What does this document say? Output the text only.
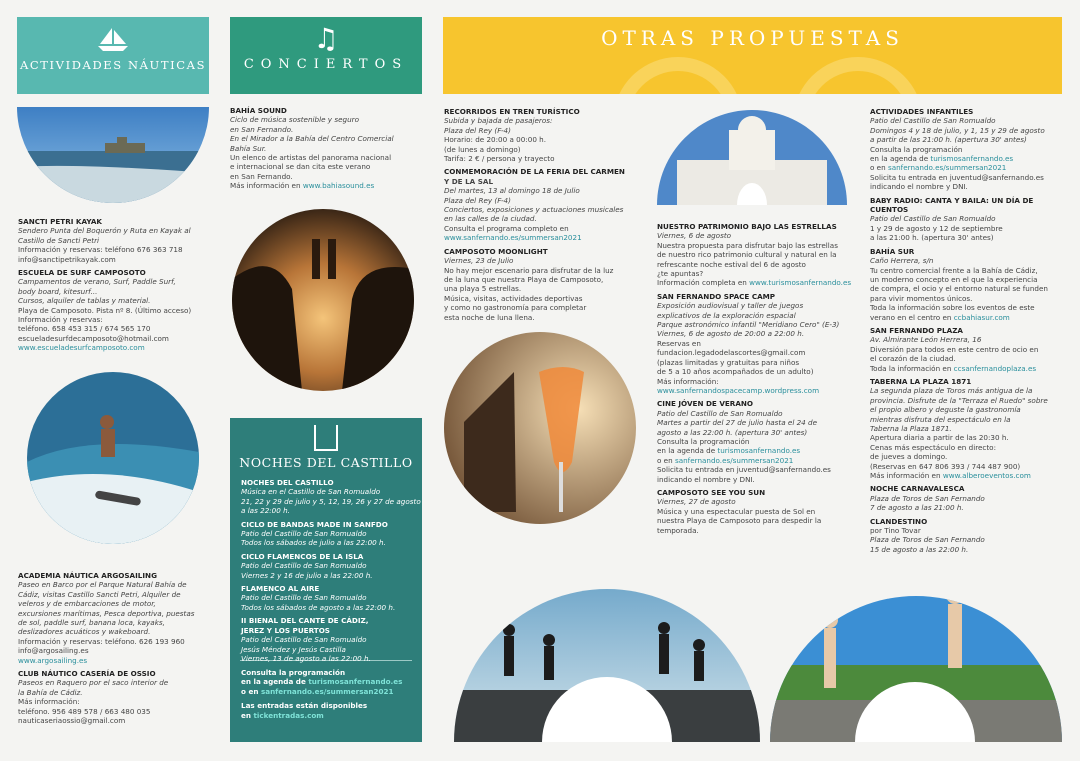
ACTIVIDADES NÁUTICAS
♫
CONCIERTOS
OTRAS PROPUESTAS
NOCHES DEL CASTILLO
SANCTI PETRI KAYAK
Sendero Punta del Boquerón y Ruta en Kayak al
Castillo de Sancti Petri
Información y reservas: teléfono 676 363 718
info@sanctipetrikayak.com
ESCUELA DE SURF CAMPOSOTO
Campamentos de verano, Surf, Paddle Surf,
body board, kitesurf...
Cursos, alquiler de tablas y material.
Playa de Camposoto. Pista nº 8. (Último acceso)
Información y reservas:
teléfono. 658 453 315 / 674 565 170
escueladesurfdecamposoto@hotmail.com
www.escueladesurfcamposoto.com
ACADEMIA NÁUTICA ARGOSAILING
Paseo en Barco por el Parque Natural Bahía de
Cádiz, visitas Castillo Sancti Petri, Alquiler de
veleros y de embarcaciones de motor,
excursiones marítimas, Pesca deportiva, puestas
de sol, paddle surf, banana loca, kayaks,
deslizadores acuáticos y wakeboard.
Información y reservas: teléfono. 626 193 960
info@argosailing.es
www.argosailing.es
CLUB NÁUTICO CASERÍA DE OSSIO
Paseos en Raquero por el saco interior de
la Bahía de Cádiz.
Más información:
teléfono. 956 489 578 / 663 480 035
nauticaseriaossio@gmail.com
BAHÍA SOUND
Ciclo de música sostenible y seguro
en San Fernando.
En el Mirador a la Bahía del Centro Comercial
Bahía Sur.
Un elenco de artistas del panorama nacional
e internacional se dan cita este verano
en San Fernando.
Más información en www.bahiasound.es
NOCHES DEL CASTILLO
Música en el Castillo de San Romualdo
21, 22 y 29 de julio y 5, 12, 19, 26 y 27 de agosto
a las 22:00 h.
CICLO DE BANDAS MADE IN SANFDO
Patio del Castillo de San Romualdo
Todos los sábados de julio a las 22:00 h.
CICLO FLAMENCOS DE LA ISLA
Patio del Castillo de San Romualdo
Viernes 2 y 16 de julio a las 22:00 h.
FLAMENCO AL AIRE
Patio del Castillo de San Romualdo
Todos los sábados de agosto a las 22:00 h.
II BIENAL DEL CANTE DE CÁDIZ,
JEREZ Y LOS PUERTOS
Patio del Castillo de San Romualdo
Jesús Méndez y Jesús Castilla
Viernes, 13 de agosto a las 22:00 h.
Consulta la programación
en la agenda de turismosanfernando.es
o en sanfernando.es/summersan2021
Las entradas están disponibles
en tickentradas.com
RECORRIDOS EN TREN TURÍSTICO
Subida y bajada de pasajeros:
Plaza del Rey (F-4)
Horario: de 20:00 a 00:00 h.
(de lunes a domingo)
Tarifa: 2 € / persona y trayecto
CONMEMORACIÓN DE LA FERIA DEL CARMEN
Y DE LA SAL
Del martes, 13 al domingo 18 de Julio
Plaza del Rey (F-4)
Conciertos, exposiciones y actuaciones musicales
en las calles de la ciudad.
Consulta el programa completo en
www.sanfernando.es/summersan2021
CAMPOSOTO MOONLIGHT
Viernes, 23 de Julio
No hay mejor escenario para disfrutar de la luz
de la luna que nuestra Playa de Camposoto,
una playa 5 estrellas.
Música, visitas, actividades deportivas
y como no gastronomía para completar
esta noche de luna llena.
NUESTRO PATRIMONIO BAJO LAS ESTRELLAS
Viernes, 6 de agosto
Nuestra propuesta para disfrutar bajo las estrellas
de nuestro rico patrimonio cultural y natural en la
refrescante noche estival del 6 de agosto
¿te apuntas?
Información completa en www.turismosanfernando.es
SAN FERNANDO SPACE CAMP
Exposición audiovisual y taller de juegos
explicativos de la exploración espacial
Parque astronómico infantil "Meridiano Cero" (E-3)
Viernes, 6 de agosto de 20:00 a 22:00 h.
Reservas en
fundacion.legadodelascortes@gmail.com
(plazas limitadas y gratuitas para niños
de 5 a 10 años acompañados de un adulto)
Más información:
www.sanfernandospacecamp.wordpress.com
CINE JÓVEN DE VERANO
Patio del Castillo de San Romualdo
Martes a partir del 27 de julio hasta el 24 de
agosto a las 22:00 h. (apertura 30' antes)
Consulta la programación
en la agenda de turismosanfernando.es
o en sanfernando.es/summersan2021
Solicita tu entrada en juventud@sanfernando.es
indicando el nombre y DNI.
CAMPOSOTO SEE YOU SUN
Viernes, 27 de agosto
Música y una espectacular puesta de Sol en
nuestra Playa de Camposoto para despedir la
temporada.
ACTIVIDADES INFANTILES
Patio del Castillo de San Romualdo
Domingos 4 y 18 de julio, y 1, 15 y 29 de agosto
a partir de las 21:00 h. (apertura 30' antes)
Consulta la programación
en la agenda de turismosanfernando.es
o en sanfernando.es/summersan2021
Solicita tu entrada en juventud@sanfernando.es
indicando el nombre y DNI.
BABY RADIO: CANTA Y BAILA: UN DÍA DE CUENTOS
Patio del Castillo de San Romualdo
1 y 29 de agosto y 12 de septiembre
a las 21:00 h. (apertura 30' antes)
BAHÍA SUR
Caño Herrera, s/n
Tu centro comercial frente a la Bahía de Cádiz,
un moderno concepto en el que la experiencia
de compra, el ocio y el entorno natural se funden
para vivir momentos únicos.
Toda la información sobre los eventos de este
verano en el centro en ccbahiasur.com
SAN FERNANDO PLAZA
Av. Almirante León Herrera, 16
Diversión para todos en este centro de ocio en
el corazón de la ciudad.
Toda la información en ccsanfernandoplaza.es
TABERNA LA PLAZA 1871
La segunda plaza de Toros más antigua de la
provincia. Disfrute de la "Terraza el Ruedo" sobre
el propio albero y deguste la gastronomía
mientras disfruta del espectáculo en la
Taberna la Plaza 1871.
Apertura diaria a partir de las 20:30 h.
Cenas más espectáculo en directo:
de jueves a domingo.
(Reservas en 647 806 393 / 744 487 900)
Más información en www.alberoeventos.com
NOCHE CARNAVALESCA
Plaza de Toros de San Fernando
7 de agosto a las 21:00 h.
CLANDESTINO
por Tino Tovar
Plaza de Toros de San Fernando
15 de agosto a las 22:00 h.
